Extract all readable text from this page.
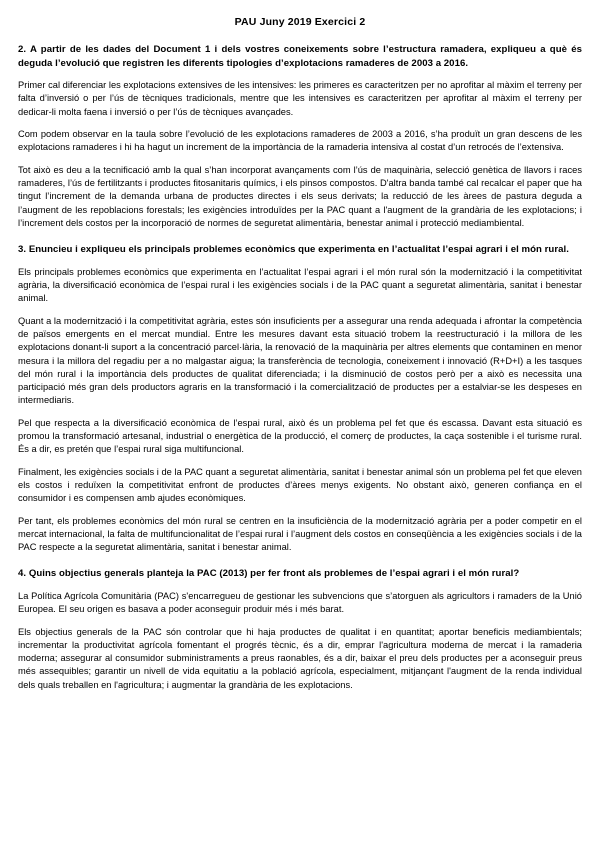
PAU Juny 2019 Exercici 2
2. A partir de les dades del Document 1 i dels vostres coneixements sobre l’estructura ramadera, expliqueu a què és deguda l’evolució que registren les diferents tipologies d’explotacions ramaderes de 2003 a 2016.

Primer cal diferenciar les explotacions extensives de les intensives: les primeres es caracteritzen per no aprofitar al màxim el terreny per falta d’inversió o per l’ús de tècniques tradicionals, mentre que les intensives es caracteritzen per aprofitar al màxim el terreny per dedicar-li molta faena i inversió o per l’ús de tècniques avançades.

Com podem observar en la taula sobre l’evolució de les explotacions ramaderes de 2003 a 2016, s’ha produït un gran descens de les explotacions ramaderes i hi ha hagut un increment de la importància de la ramaderia intensiva al costat d’un retrocés de l’extensiva.

Tot això es deu a la tecnificació amb la qual s’han incorporat avançaments com l’ús de maquinària, selecció genètica de llavors i races ramaderes, l’ús de fertilitzants i productes fitosanitaris químics, i els pinsos compostos. D'altra banda també cal recalcar el paper que ha tingut l’increment de la demanda urbana de productes directes i els seus derivats; la reducció de les àrees de pastura deguda a l’augment de les repoblacions forestals; les exigències introduïdes per la PAC quant a l'augment de la grandària de les explotacions; i l’increment dels costos per la incorporació de normes de seguretat alimentària, benestar animal i protecció mediambiental.

3. Enuncieu i expliqueu els principals problemes econòmics que experimenta en l’actualitat l’espai agrari i el món rural.

Els principals problemes econòmics que experimenta en l’actualitat l’espai agrari i el món rural són la modernització i la competitivitat agrària, la diversificació econòmica de l’espai rural i les exigències socials i de la PAC quant a seguretat alimentària, sanitat i benestar animal.

Quant a la modernització i la competitivitat agrària, estes són insuficients per a assegurar una renda adequada i afrontar la competència de països emergents en el mercat mundial. Entre les mesures davant esta situació trobem la reestructuració i la millora de les explotacions donant-li suport a la concentració parcel·lària, la renovació de la maquinària per altres elements que contaminen en menor mesura i la millora del regadiu per a no malgastar aigua; la transferència de tecnologia, coneixement i innovació (R+D+I) a les tasques del món rural i la importància dels productes de qualitat diferenciada; i la disminució de costos però per a això es necessita una participació més gran dels productors agraris en la transformació i la comercialització de productes per a estalviar-se les despeses en intermediaris.

Pel que respecta a la diversificació econòmica de l’espai rural, això és un problema pel fet que és escassa. Davant esta situació es promou la transformació artesanal, industrial o energètica de la producció, el comerç de productes, la caça sostenible i el turisme rural. És a dir, es pretén que l’espai rural siga multifuncional.

Finalment, les exigències socials i de la PAC quant a seguretat alimentària, sanitat i benestar animal són un problema pel fet que eleven els costos i reduïxen la competitivitat enfront de productes d’àrees menys exigents. No obstant això, generen confiança en el consumidor i es compensen amb ajudes econòmiques.

Per tant, els problemes econòmics del món rural se centren en la insuficiència de la modernització agrària per a poder competir en el mercat internacional, la falta de multifuncionalitat de l’espai rural i l’augment dels costos en conseqüència a les exigències socials i de la PAC respecte a la seguretat alimentària, sanitat i benestar animal.

4. Quins objectius generals planteja la PAC (2013) per fer front als problemes de l’espai agrari i el món rural?

La Política Agrícola Comunitària (PAC) s'encarregueu de gestionar les subvencions que s’atorguen als agricultors i ramaders de la Unió Europea. El seu origen es basava a poder aconseguir produir més i més barat.

Els objectius generals de la PAC són controlar que hi haja productes de qualitat i en quantitat; aportar beneficis mediambientals; incrementar la productivitat agrícola fomentant el progrés tècnic, és a dir, emprar l'agricultura moderna de mercat i la ramaderia moderna; assegurar al consumidor subministraments a preus raonables, és a dir, baixar el preu dels productes per a aconseguir preus més assequibles; garantir un nivell de vida equitatiu a la població agrícola, especialment, mitjançant l'augment de la renda individual dels quals treballen en l'agricultura; i augmentar la grandària de les explotacions.
